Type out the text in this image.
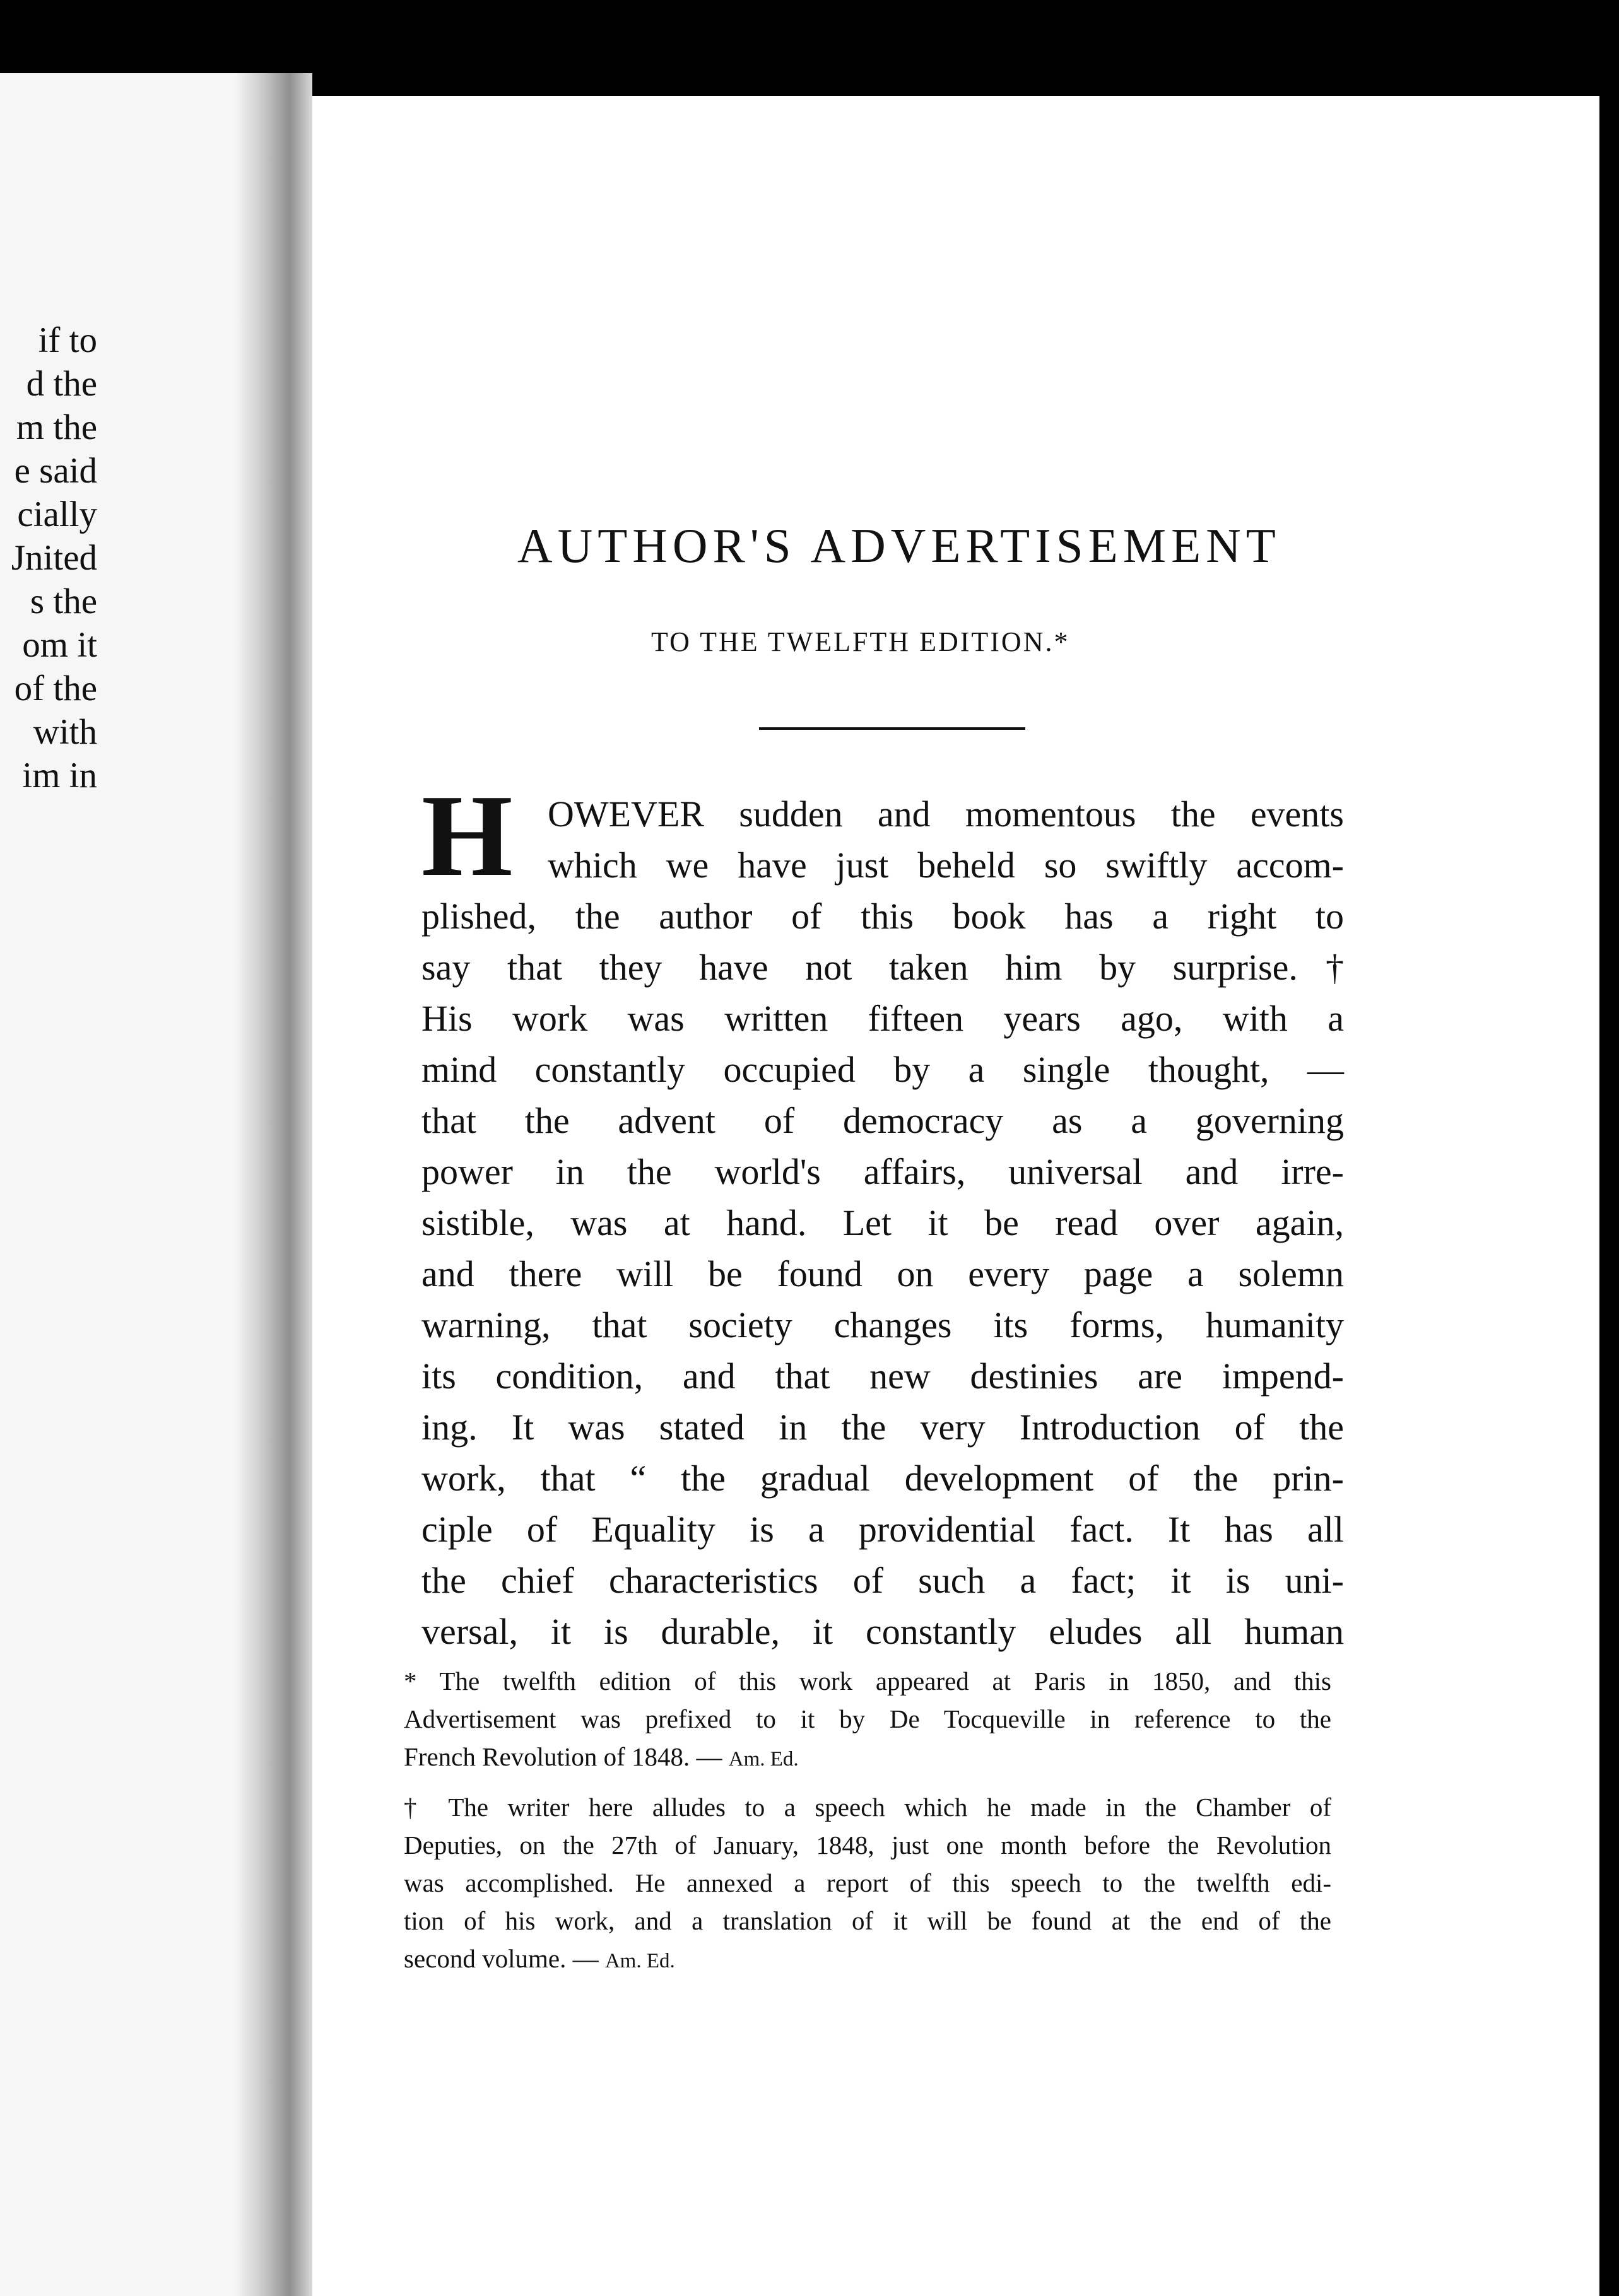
if to
d the
m the
e said
cially
Jnited
s the
om it
of the
with
im in
AUTHOR'S ADVERTISEMENT
TO THE TWELFTH EDITION.*
H OWEVER sudden and momentous the events
which we have just beheld so swiftly accom-
plished, the author of this book has a right to
say that they have not taken him by surprise.†
His work was written fifteen years ago, with a
mind constantly occupied by a single thought, —
that the advent of democracy as a governing
power in the world's affairs, universal and irre-
sistible, was at hand. Let it be read over again,
and there will be found on every page a solemn
warning, that society changes its forms, humanity
its condition, and that new destinies are impend-
ing. It was stated in the very Introduction of the
work, that “ the gradual development of the prin-
ciple of Equality is a providential fact. It has all
the chief characteristics of such a fact; it is uni-
versal, it is durable, it constantly eludes all human
* The twelfth edition of this work appeared at Paris in 1850, and this
Advertisement was prefixed to it by De Tocqueville in reference to the
French Revolution of 1848. — Am. Ed.
† The writer here alludes to a speech which he made in the Chamber of
Deputies, on the 27th of January, 1848, just one month before the Revolution
was accomplished. He annexed a report of this speech to the twelfth edi-
tion of his work, and a translation of it will be found at the end of the
second volume. — Am. Ed.
